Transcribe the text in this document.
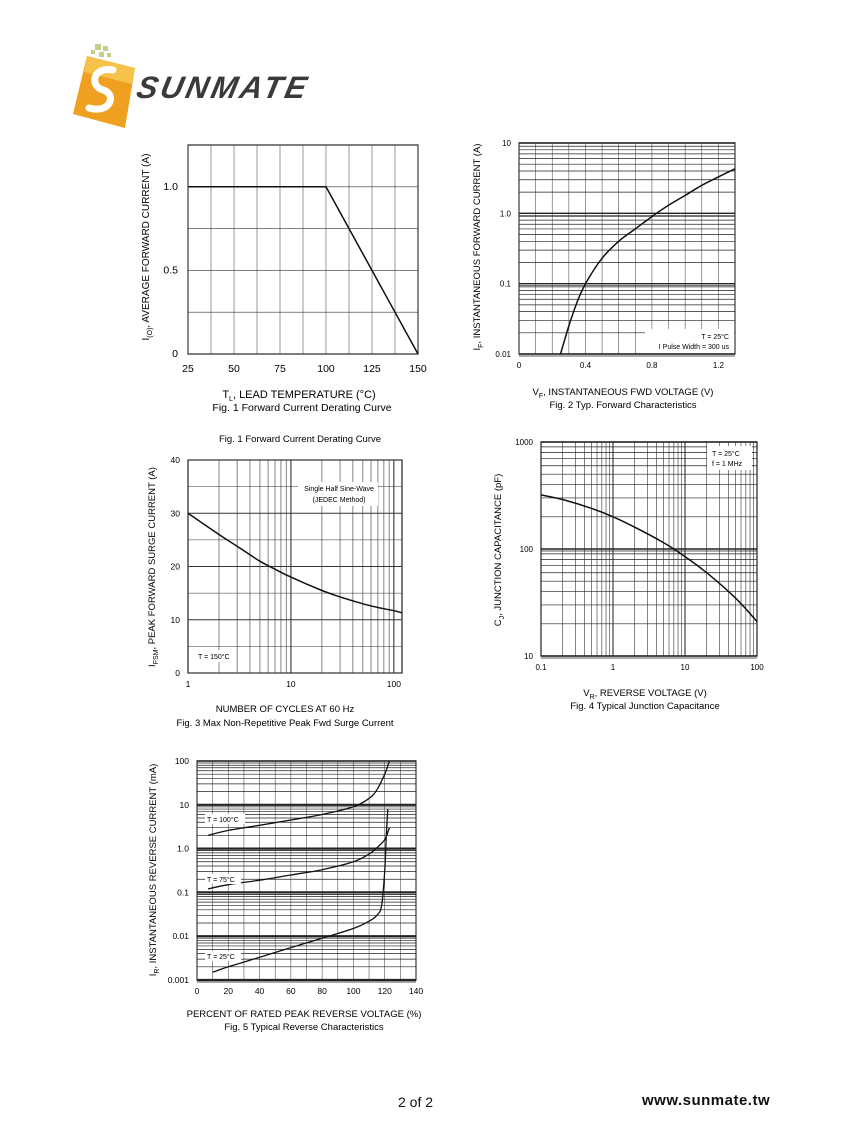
SUNMATE
25	50	75	100	125	150
0
0.5
1.0
$T_L$, LEAD TEMPERATURE (°C)
Fig. 1 Forward Current Derating Curve
$I_{(O)}$, AVERAGE FORWARD CURRENT (A)
Fig. 1 Forward Current Derating Curve
0	0.4	0.8	1.2
0.01
0.1
1.0
10
T = 25°C
I Pulse Width = 300 us
$V_F$, INSTANTANEOUS FWD VOLTAGE (V)
Fig. 2 Typ. Forward Characteristics
$I_F$, INSTANTANEOUS FORWARD CURRENT (A)
1	10	100
0
10
20
30
40
Single Half Sine-Wave
(JEDEC Method)
T = 150°C
NUMBER OF CYCLES AT 60 Hz
Fig. 3 Max Non-Repetitive Peak Fwd Surge Current
$I_{FSM}$, PEAK FORWARD SURGE CURRENT (A)
0.1	1	10	100
10
100
1000
T = 25°C
f = 1 MHz
$V_R$, REVERSE VOLTAGE (V)
Fig. 4 Typical Junction Capacitance
$C_J$, JUNCTION CAPACITANCE (pF)
0	20	40	60	80 100 120 140
0.001
0.01
0.1
1.0
10
100
T = 100°C
T = 75°C
T = 25°C
PERCENT OF RATED PEAK REVERSE VOLTAGE (%)
Fig. 5 Typical Reverse Characteristics
$I_R$, INSTANTANEOUS REVERSE CURRENT (mA)
2 of 2	www.sunmate.tw
